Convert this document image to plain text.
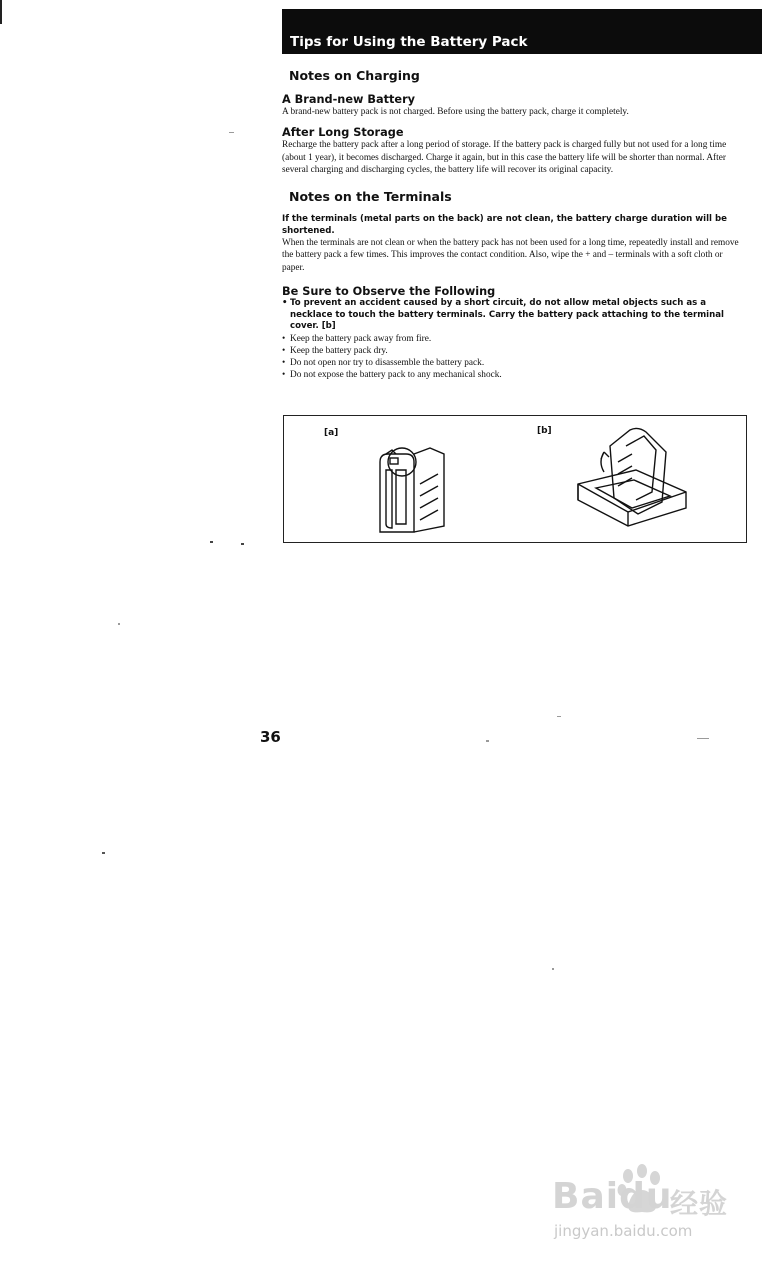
Tips for Using the Battery Pack
Notes on Charging
A Brand-new Battery

A brand-new battery pack is not charged. Before using the battery pack, charge it completely.

After Long Storage

Recharge the battery pack after a long period of storage. If the battery pack is charged fully but not used for a long time (about 1 year), it becomes discharged. Charge it again, but in this case the battery life will be shorter than normal. After several charging and discharging cycles, the battery life will recover its original capacity.

Notes on the Terminals

If the terminals (metal parts on the back) are not clean, the battery charge duration will be shortened.

When the terminals are not clean or when the battery pack has not been used for a long time, repeatedly install and remove the battery pack a few times. This improves the contact condition. Also, wipe the + and – terminals with a soft cloth or paper.

Be Sure to Observe the Following
• To prevent an accident caused by a short circuit, do not allow metal objects such as a necklace to touch the battery terminals. Carry the battery pack attaching to the terminal cover. [b]
• Keep the battery pack away from fire.
• Keep the battery pack dry.
• Do not open nor try to disassemble the battery pack.
• Do not expose the battery pack to any mechanical shock.
[a]	[b]
36
Baidu
经验
jingyan.baidu.com
